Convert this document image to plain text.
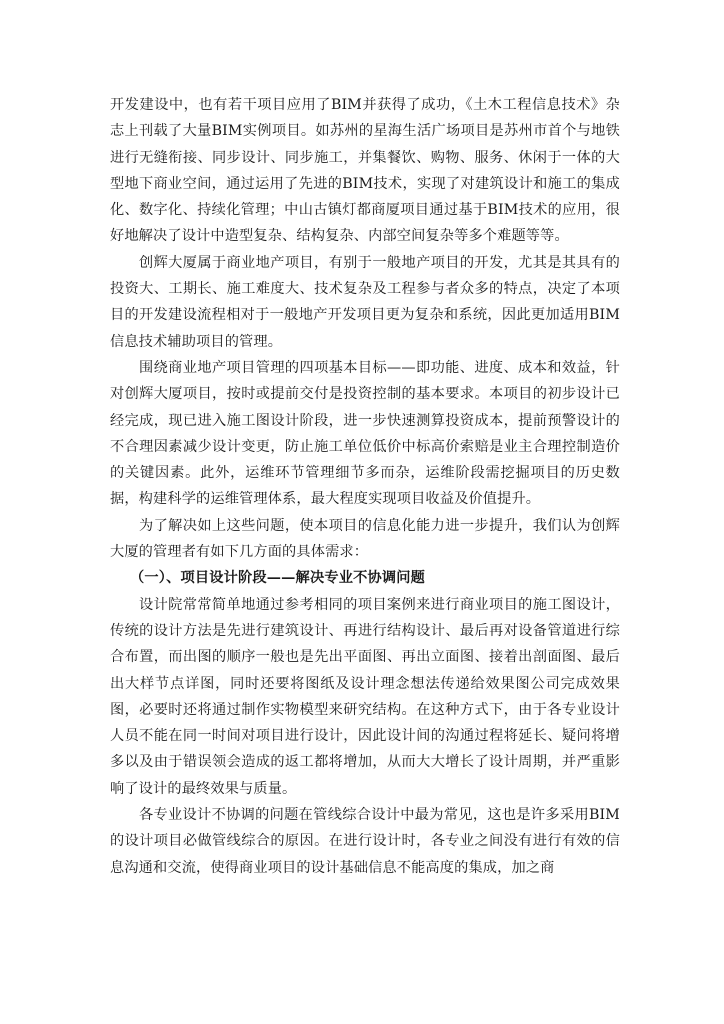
开发建设中，也有若干项目应用了BIM并获得了成功，《土木工程信息技术》杂志上刊载了大量BIM实例项目。如苏州的星海生活广场项目是苏州市首个与地铁进行无缝衔接、同步设计、同步施工，并集餐饮、购物、服务、休闲于一体的大型地下商业空间，通过运用了先进的BIM技术，实现了对建筑设计和施工的集成化、数字化、持续化管理；中山古镇灯都商厦项目通过基于BIM技术的应用，很好地解决了设计中造型复杂、结构复杂、内部空间复杂等多个难题等等。

创辉大厦属于商业地产项目，有别于一般地产项目的开发，尤其是其具有的投资大、工期长、施工难度大、技术复杂及工程参与者众多的特点，决定了本项目的开发建设流程相对于一般地产开发项目更为复杂和系统，因此更加适用BIM信息技术辅助项目的管理。

围绕商业地产项目管理的四项基本目标——即功能、进度、成本和效益，针对创辉大厦项目，按时或提前交付是投资控制的基本要求。本项目的初步设计已经完成，现已进入施工图设计阶段，进一步快速测算投资成本，提前预警设计的不合理因素减少设计变更，防止施工单位低价中标高价索赔是业主合理控制造价的关键因素。此外，运维环节管理细节多而杂，运维阶段需挖掘项目的历史数据，构建科学的运维管理体系，最大程度实现项目收益及价值提升。

为了解决如上这些问题，使本项目的信息化能力进一步提升，我们认为创辉大厦的管理者有如下几方面的具体需求：

（一）、项目设计阶段——解决专业不协调问题

设计院常常简单地通过参考相同的项目案例来进行商业项目的施工图设计，传统的设计方法是先进行建筑设计、再进行结构设计、最后再对设备管道进行综合布置，而出图的顺序一般也是先出平面图、再出立面图、接着出剖面图、最后出大样节点详图，同时还要将图纸及设计理念想法传递给效果图公司完成效果图，必要时还将通过制作实物模型来研究结构。在这种方式下，由于各专业设计人员不能在同一时间对项目进行设计，因此设计间的沟通过程将延长、疑问将增多以及由于错误领会造成的返工都将增加，从而大大增长了设计周期，并严重影响了设计的最终效果与质量。

各专业设计不协调的问题在管线综合设计中最为常见，这也是许多采用BIM的设计项目必做管线综合的原因。在进行设计时，各专业之间没有进行有效的信息沟通和交流，使得商业项目的设计基础信息不能高度的集成，加之商
